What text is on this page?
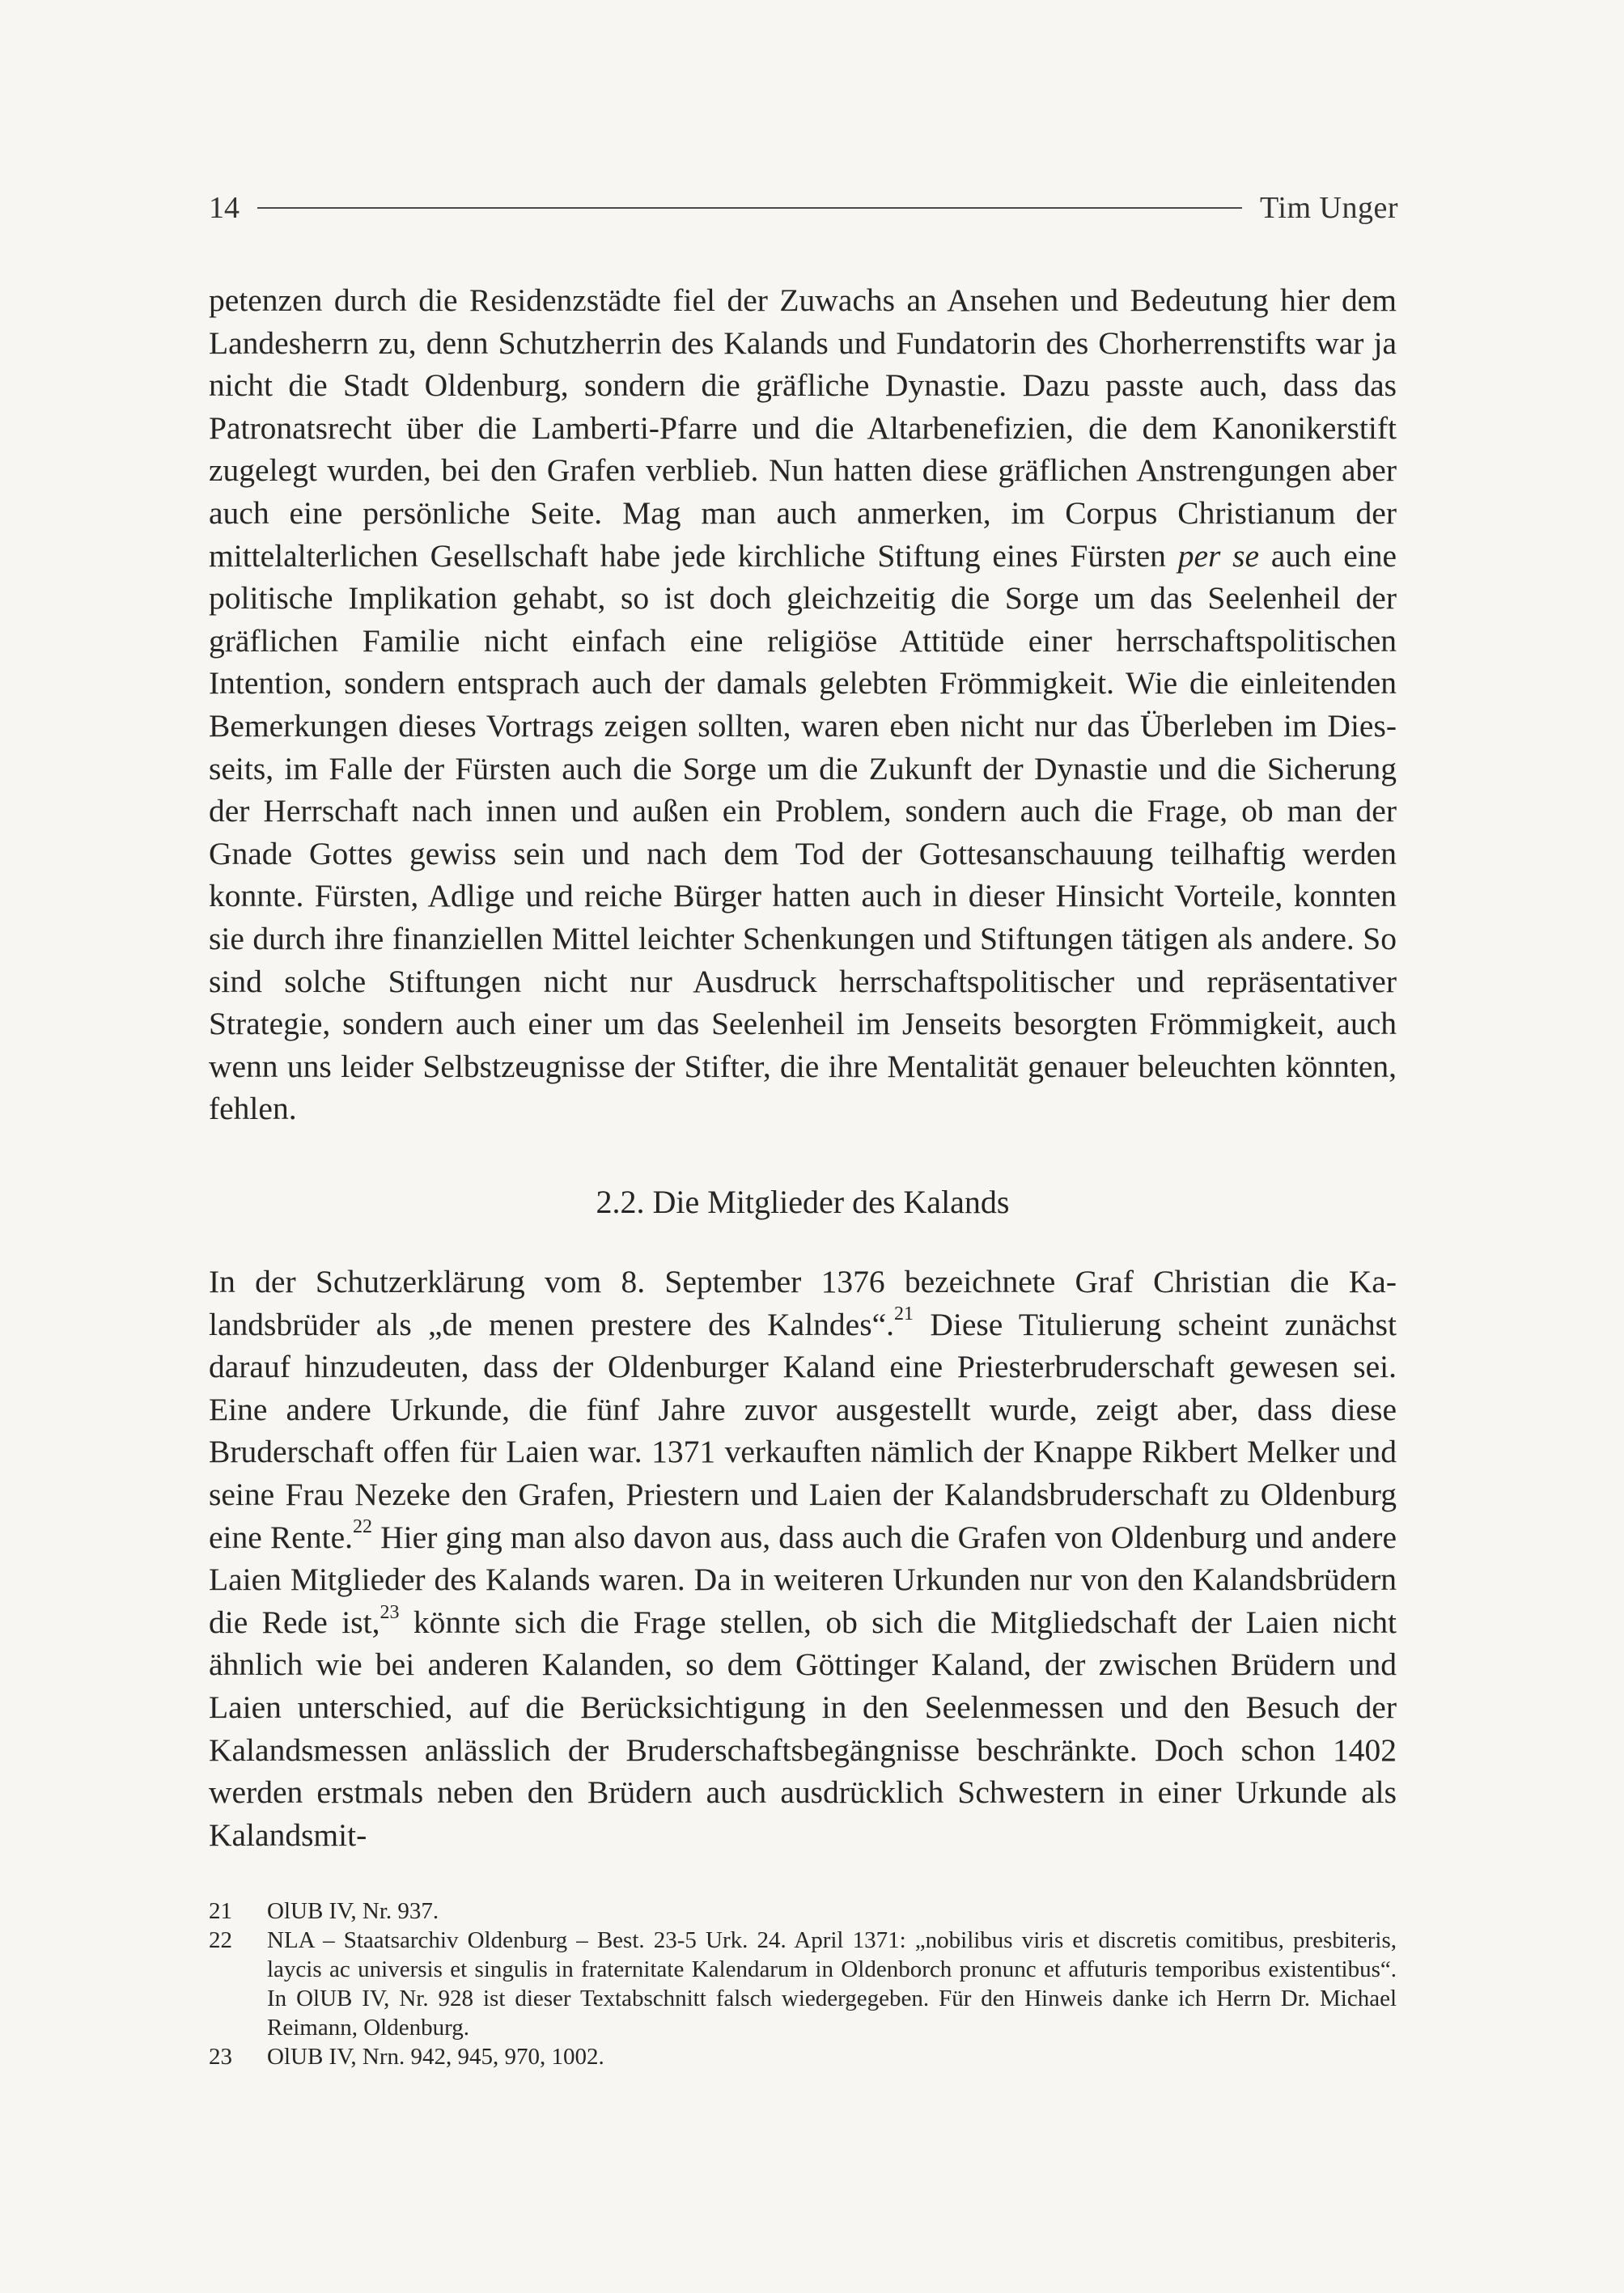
14	Tim Unger

petenzen durch die Residenzstädte fiel der Zuwachs an Ansehen und Bedeutung hier dem Landesherrn zu, denn Schutzherrin des Kalands und Fundatorin des Chorherrenstifts war ja nicht die Stadt Oldenburg, sondern die gräfliche Dynastie. Dazu passte auch, dass das Patronatsrecht über die Lamberti-Pfarre und die Altarbenefizien, die dem Kanonikerstift zugelegt wurden, bei den Grafen verblieb. Nun hatten diese gräflichen Anstrengungen aber auch eine persönliche Seite. Mag man auch anmerken, im Corpus Christianum der mittelalterlichen Gesellschaft habe jede kirchliche Stiftung eines Fürsten per se auch eine politische Implikation gehabt, so ist doch gleichzeitig die Sorge um das Seelenheil der gräflichen Familie nicht einfach eine religiöse Attitüde einer herrschaftspolitischen Intention, sondern entsprach auch der damals gelebten Frömmigkeit. Wie die einleitenden Bemerkungen dieses Vortrags zeigen sollten, waren eben nicht nur das Überleben im Diesseits, im Falle der Fürsten auch die Sorge um die Zukunft der Dynastie und die Sicherung der Herrschaft nach innen und außen ein Problem, sondern auch die Frage, ob man der Gnade Gottes gewiss sein und nach dem Tod der Gottesanschauung teilhaftig werden konnte. Fürsten, Adlige und reiche Bürger hatten auch in dieser Hinsicht Vorteile, konnten sie durch ihre finanziellen Mittel leichter Schenkungen und Stiftungen tätigen als andere. So sind solche Stiftungen nicht nur Ausdruck herrschaftspolitischer und repräsentativer Strategie, sondern auch einer um das Seelenheil im Jenseits besorgten Frömmigkeit, auch wenn uns leider Selbstzeugnisse der Stifter, die ihre Mentalität genauer beleuchten könnten, fehlen.

2.2. Die Mitglieder des Kalands

In der Schutzerklärung vom 8. September 1376 bezeichnete Graf Christian die Kalandsbrüder als „de menen prestere des Kalndes“.$^{21}$ Diese Titulierung scheint zunächst darauf hinzudeuten, dass der Oldenburger Kaland eine Priesterbruderschaft gewesen sei. Eine andere Urkunde, die fünf Jahre zuvor ausgestellt wurde, zeigt aber, dass diese Bruderschaft offen für Laien war. 1371 verkauften nämlich der Knappe Rikbert Melker und seine Frau Nezeke den Grafen, Priestern und Laien der Kalandsbruderschaft zu Oldenburg eine Rente.$^{22}$ Hier ging man also davon aus, dass auch die Grafen von Oldenburg und andere Laien Mitglieder des Kalands waren. Da in weiteren Urkunden nur von den Kalandsbrüdern die Rede ist,$^{23}$ könnte sich die Frage stellen, ob sich die Mitgliedschaft der Laien nicht ähnlich wie bei anderen Kalanden, so dem Göttinger Kaland, der zwischen Brüdern und Laien unterschied, auf die Berücksichtigung in den Seelenmessen und den Besuch der Kalandsmessen anlässlich der Bruderschaftsbegängnisse beschränkte. Doch schon 1402 werden erstmals neben den Brüdern auch ausdrücklich Schwestern in einer Urkunde als Kalandsmit-

21	OlUB IV, Nr. 937.
22	NLA – Staatsarchiv Oldenburg – Best. 23-5 Urk. 24. April 1371: „nobilibus viris et discretis comitibus, presbiteris, laycis ac universis et singulis in fraternitate Kalendarum in Oldenborch pronunc et affuturis temporibus existentibus“. In OlUB IV, Nr. 928 ist dieser Textabschnitt falsch wiedergegeben. Für den Hinweis danke ich Herrn Dr. Michael Reimann, Oldenburg.
23	OlUB IV, Nrn. 942, 945, 970, 1002.
